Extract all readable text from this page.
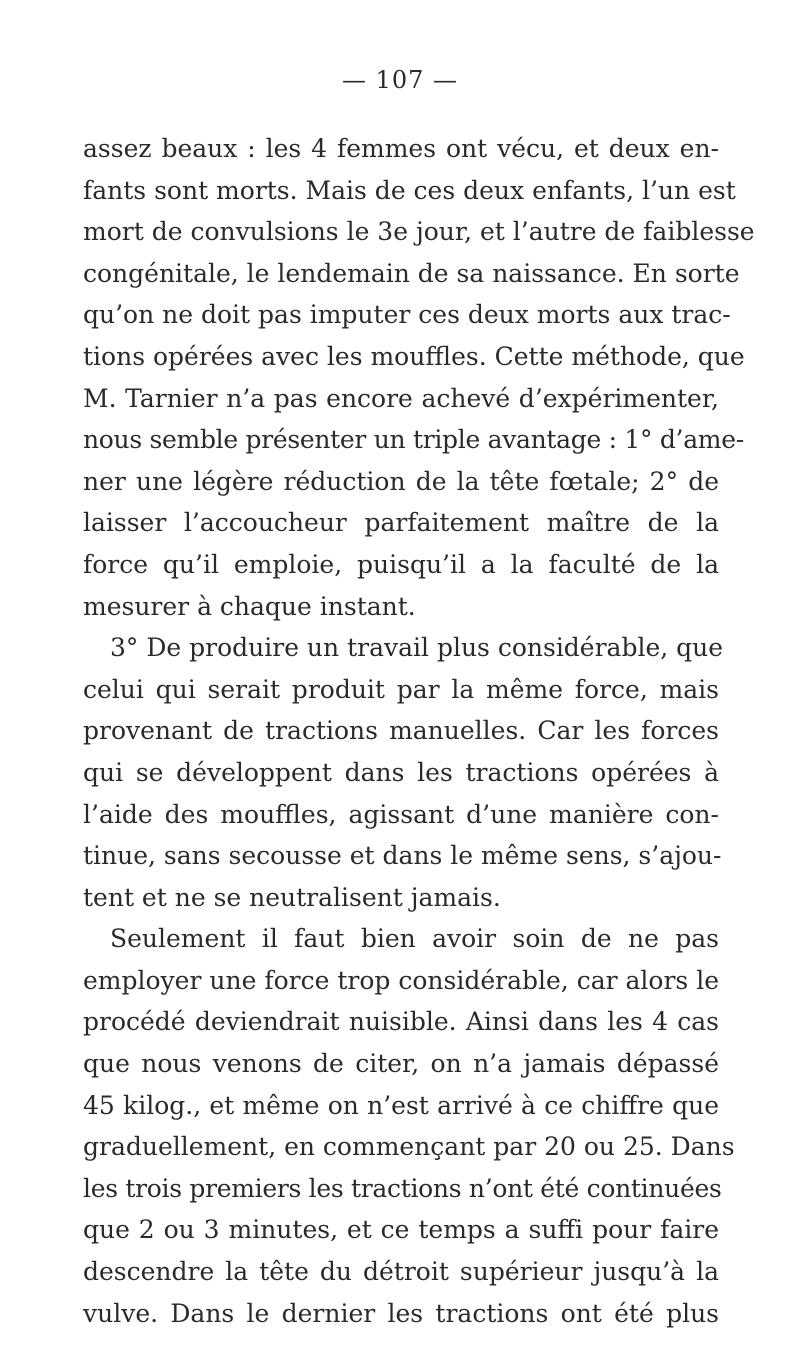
— 107 —
assez beaux : les 4 femmes ont vécu, et deux en-
fants sont morts. Mais de ces deux enfants, l’un est
mort de convulsions le 3e jour, et l’autre de faiblesse
congénitale, le lendemain de sa naissance. En sorte
qu’on ne doit pas imputer ces deux morts aux trac-
tions opérées avec les mouffles. Cette méthode, que
M. Tarnier n’a pas encore achevé d’expérimenter,
nous semble présenter un triple avantage : 1° d’ame-
ner une légère réduction de la tête fœtale; 2° de
laisser l’accoucheur parfaitement maître de la
force qu’il emploie, puisqu’il a la faculté de la
mesurer à chaque instant.
3° De produire un travail plus considérable, que
celui qui serait produit par la même force, mais
provenant de tractions manuelles. Car les forces
qui se développent dans les tractions opérées à
l’aide des mouffles, agissant d’une manière con-
tinue, sans secousse et dans le même sens, s’ajou-
tent et ne se neutralisent jamais.
Seulement il faut bien avoir soin de ne pas
employer une force trop considérable, car alors le
procédé deviendrait nuisible. Ainsi dans les 4 cas
que nous venons de citer, on n’a jamais dépassé
45 kilog., et même on n’est arrivé à ce chiffre que
graduellement, en commençant par 20 ou 25. Dans
les trois premiers les tractions n’ont été continuées
que 2 ou 3 minutes, et ce temps a suffi pour faire
descendre la tête du détroit supérieur jusqu’à la
vulve. Dans le dernier les tractions ont été plus
